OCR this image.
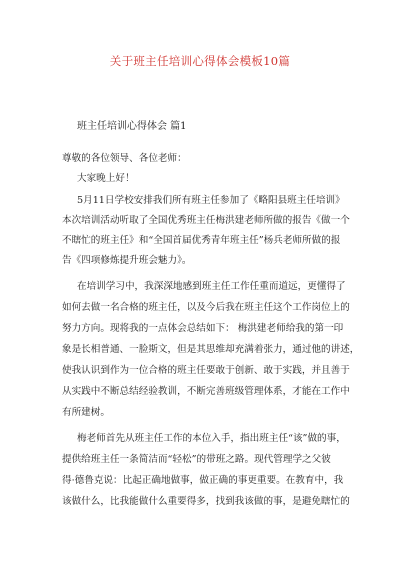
关于班主任培训心得体会模板10篇
班主任培训心得体会 篇1
尊敬的各位领导、各位老师：
大家晚上好！
5月11日学校安排我们所有班主任参加了《略阳县班主任培训》
本次培训活动听取了全国优秀班主任梅洪建老师所做的报告《做一个
不瞎忙的班主任》和“全国首届优秀青年班主任”杨兵老师所做的报
告《四项修炼提升班会魅力》。
在培训学习中，我深深地感到班主任工作任重而道远，更懂得了
如何去做一名合格的班主任，以及今后我在班主任这个工作岗位上的
努力方向。现将我的一点体会总结如下： 梅洪建老师给我的第一印
象是长相普通、一脸斯文，但是其思维却充满着张力，通过他的讲述，
使我认识到作为一位合格的班主任要敢于创新、敢于实践，并且善于
从实践中不断总结经验教训，不断完善班级管理体系，才能在工作中
有所建树。
梅老师首先从班主任工作的本位入手，指出班主任“该”做的事，
提供给班主任一条简洁而“轻松”的带班之路。现代管理学之父彼
得·德鲁克说：比起正确地做事，做正确的事更重要。在教育中，我
该做什么，比我能做什么重要得多，找到我该做的事，是避免瞎忙的
